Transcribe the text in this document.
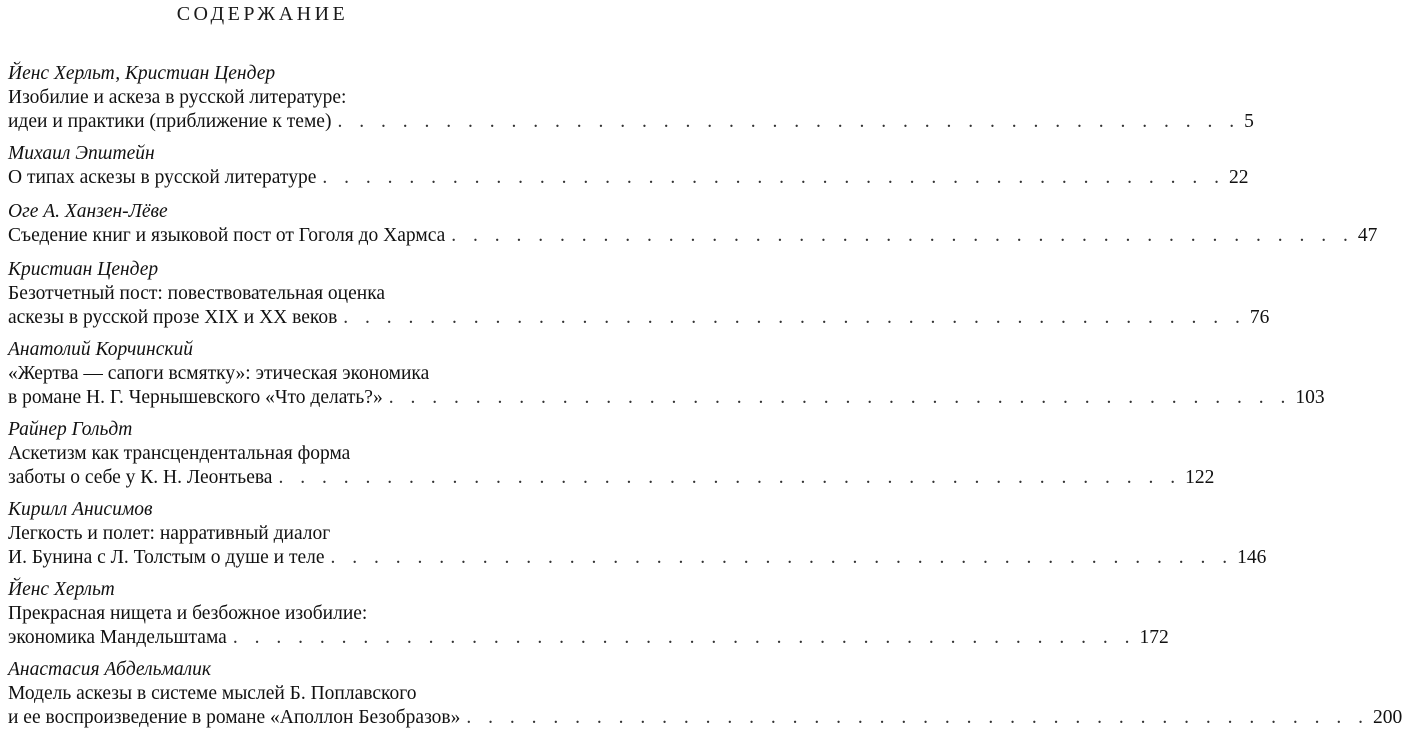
СОДЕРЖАНИЕ
Йенс Херльт, Кристиан Цендер
Изобилие и аскеза в русской литературе:
идеи и практики (приближение к теме) . . . . . . . . . . . . . . . . . . . . . . . . . . . . . . . . . . . . . . . . . . 5
Михаил Эпштейн
О типах аскезы в русской литературе . . . . . . . . . . . . . . . . . . . . . . . . . . . . . . . . . . . . . . . . . . 22
Оге А. Ханзен-Лёве
Съедение книг и языковой пост от Гоголя до Хармса . . . . . . . . . . . . . . . . . . . . . . . . . . . . . . . . . . . . . . . . . . 47
Кристиан Цендер
Безотчетный пост: повествовательная оценка
аскезы в русской прозе XIX и XX веков . . . . . . . . . . . . . . . . . . . . . . . . . . . . . . . . . . . . . . . . . . 76
Анатолий Корчинский
«Жертва — сапоги всмятку»: этическая экономика
в романе Н. Г. Чернышевского «Что делать?» . . . . . . . . . . . . . . . . . . . . . . . . . . . . . . . . . . . . . . . . . . 103
Райнер Гольдт
Аскетизм как трансцендентальная форма
заботы о себе у К. Н. Леонтьева . . . . . . . . . . . . . . . . . . . . . . . . . . . . . . . . . . . . . . . . . . 122
Кирилл Анисимов
Легкость и полет: нарративный диалог
И. Бунина с Л. Толстым о душе и теле . . . . . . . . . . . . . . . . . . . . . . . . . . . . . . . . . . . . . . . . . . 146
Йенс Херльт
Прекрасная нищета и безбожное изобилие:
экономика Мандельштама . . . . . . . . . . . . . . . . . . . . . . . . . . . . . . . . . . . . . . . . . . 172
Анастасия Абдельмалик
Модель аскезы в системе мыслей Б. Поплавского
и ее воспроизведение в романе «Аполлон Безобразов» . . . . . . . . . . . . . . . . . . . . . . . . . . . . . . . . . . . . . . . . . . 200
